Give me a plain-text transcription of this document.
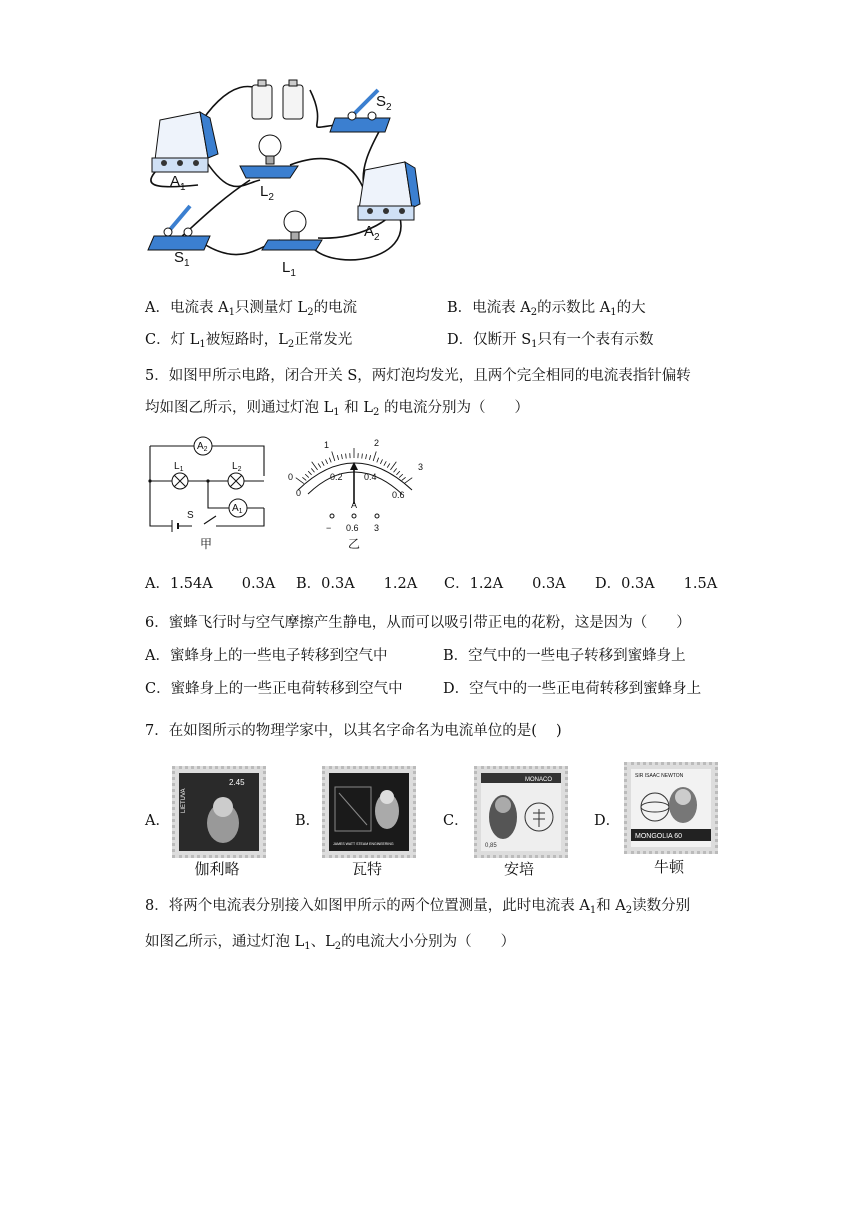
$A_1$	$L_2$
$S_2$
$A_2$
$S_1$	$L_1$
A．电流表 $A_1$只测量灯 $L_2$的电流	B．电流表 $A_2$的示数比 $A_1$的大
C．灯 $L_1$被短路时，$L_2$正常发光	D．仅断开 $S_1$只有一个表有示数
5．如图甲所示电路，闭合开关 S，两灯泡均发光，且两个完全相同的电流表指针偏转
均如图乙所示，则通过灯泡 $L_1$ 和 $L_2$ 的电流分别为（　　）
$A_2$
$A_1$
$L_1$	$L_2$
S
甲
0
1	2
3
0
0.2 0.4
0.6
A
− 0.6 3
乙
A．1.54A　　0.3A B．0.3A　　1.2A C．1.2A　　0.3A D．0.3A　　1.5A
6．蜜蜂飞行时与空气摩擦产生静电，从而可以吸引带正电的花粉，这是因为（　　）
A．蜜蜂身上的一些电子转移到空气中	B．空气中的一些电子转移到蜜蜂身上
C．蜜蜂身上的一些正电荷转移到空气中	D．空气中的一些正电荷转移到蜜蜂身上
7．在如图所示的物理学家中，以其名字命名为电流单位的是(　 )
A．
2.45
LIETUVA
伽利略
B．
JAMES WATT STEAM ENGINEERING
瓦特
C．
MONACO
0,85
安培
D．
SIR ISAAC NEWTON
MONGOLIA 60
牛顿
8．将两个电流表分别接入如图甲所示的两个位置测量，此时电流表 $A_1$和 $A_2$读数分别
如图乙所示，通过灯泡 $L_1$、$L_2$的电流大小分别为（　　）
